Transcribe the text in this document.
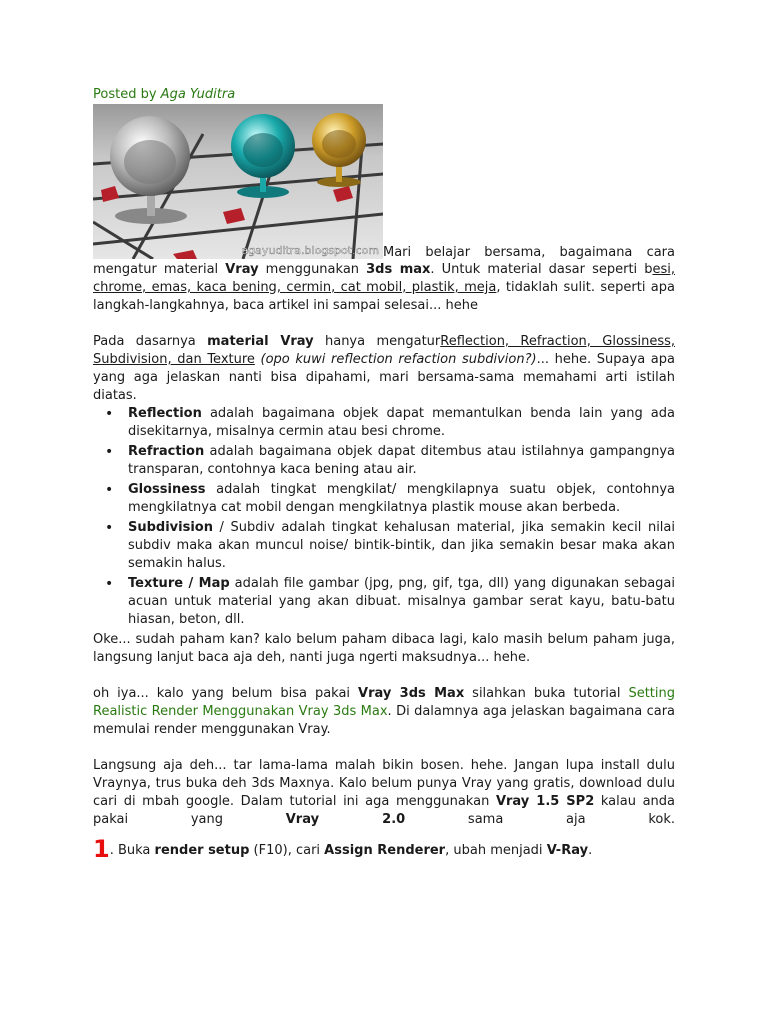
Posted by Aga Yuditra
agayuditra.blogspot.com Mari belajar bersama, bagaimana cara

mengatur material Vray menggunakan 3ds max. Untuk material dasar seperti besi, chrome, emas, kaca bening, cermin, cat mobil, plastik, meja, tidaklah sulit. seperti apa langkah-langkahnya, baca artikel ini sampai selesai... hehe

Pada dasarnya material Vray hanya mengaturReflection, Refraction, Glossiness, Subdivision, dan Texture (opo kuwi reflection refaction subdivion?)... hehe. Supaya apa yang aga jelaskan nanti bisa dipahami, mari bersama-sama memahami arti istilah diatas.

• Reflection adalah bagaimana objek dapat memantulkan benda lain yang ada disekitarnya, misalnya cermin atau besi chrome.
• Refraction adalah bagaimana objek dapat ditembus atau istilahnya gampangnya transparan, contohnya kaca bening atau air.
• Glossiness adalah tingkat mengkilat/ mengkilapnya suatu objek, contohnya mengkilatnya cat mobil dengan mengkilatnya plastik mouse akan berbeda.
• Subdivision / Subdiv adalah tingkat kehalusan material, jika semakin kecil nilai subdiv maka akan muncul noise/ bintik-bintik, dan jika semakin besar maka akan semakin halus.
• Texture / Map adalah file gambar (jpg, png, gif, tga, dll) yang digunakan sebagai acuan untuk material yang akan dibuat. misalnya gambar serat kayu, batu-batu hiasan, beton, dll.

Oke... sudah paham kan? kalo belum paham dibaca lagi, kalo masih belum paham juga, langsung lanjut baca aja deh, nanti juga ngerti maksudnya... hehe.

oh iya... kalo yang belum bisa pakai Vray 3ds Max silahkan buka tutorial Setting Realistic Render Menggunakan Vray 3ds Max. Di dalamnya aga jelaskan bagaimana cara memulai render menggunakan Vray.

Langsung aja deh... tar lama-lama malah bikin bosen. hehe. Jangan lupa install dulu Vraynya, trus buka deh 3ds Maxnya. Kalo belum punya Vray yang gratis, download dulu cari di mbah google. Dalam tutorial ini aga menggunakan Vray 1.5 SP2 kalau anda pakai yang Vray 2.0 sama aja kok.

1. Buka render setup (F10), cari Assign Renderer, ubah menjadi V-Ray.
